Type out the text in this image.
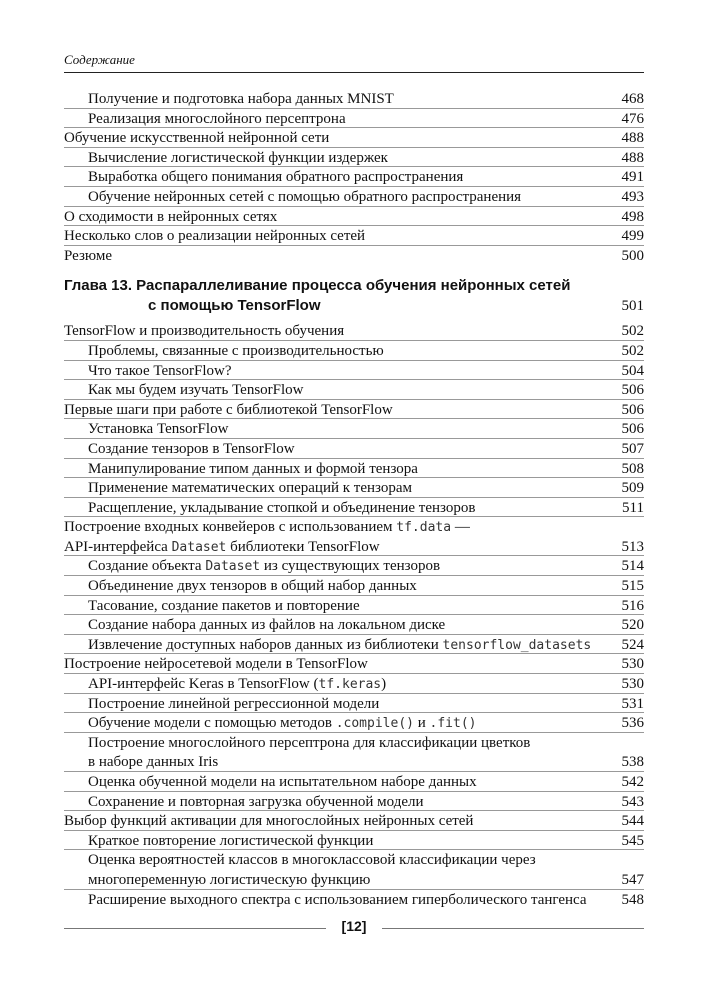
Содержание
Получение и подготовка набора данных MNIST	468
Реализация многослойного персептрона	476
Обучение искусственной нейронной сети	488
Вычисление логистической функции издержек	488
Выработка общего понимания обратного распространения	491
Обучение нейронных сетей с помощью обратного распространения	493
О сходимости в нейронных сетях	498
Несколько слов о реализации нейронных сетей	499
Резюме	500
Глава 13. Распараллеливание процесса обучения нейронных сетей
с помощью TensorFlow	501
TensorFlow и производительность обучения	502
Проблемы, связанные с производительностью	502
Что такое TensorFlow?	504
Как мы будем изучать TensorFlow	506
Первые шаги при работе с библиотекой TensorFlow	506
Установка TensorFlow	506
Создание тензоров в TensorFlow	507
Манипулирование типом данных и формой тензора	508
Применение математических операций к тензорам	509
Расщепление, укладывание стопкой и объединение тензоров	511
Построение входных конвейеров с использованием tf.data —
API-интерфейса Dataset библиотеки TensorFlow	513
Создание объекта Dataset из существующих тензоров	514
Объединение двух тензоров в общий набор данных	515
Тасование, создание пакетов и повторение	516
Создание набора данных из файлов на локальном диске	520
Извлечение доступных наборов данных из библиотеки tensorflow_datasets 524
Построение нейросетевой модели в TensorFlow	530
API-интерфейс Keras в TensorFlow (tf.keras)	530
Построение линейной регрессионной модели	531
Обучение модели с помощью методов .compile() и .fit()	536
Построение многослойного персептрона для классификации цветков
в наборе данных Iris	538
Оценка обученной модели на испытательном наборе данных	542
Сохранение и повторная загрузка обученной модели	543
Выбор функций активации для многослойных нейронных сетей	544
Краткое повторение логистической функции	545
Оценка вероятностей классов в многоклассовой классификации через
многопеременную логистическую функцию	547
Расширение выходного спектра с использованием гиперболического тангенса 548
[12]
